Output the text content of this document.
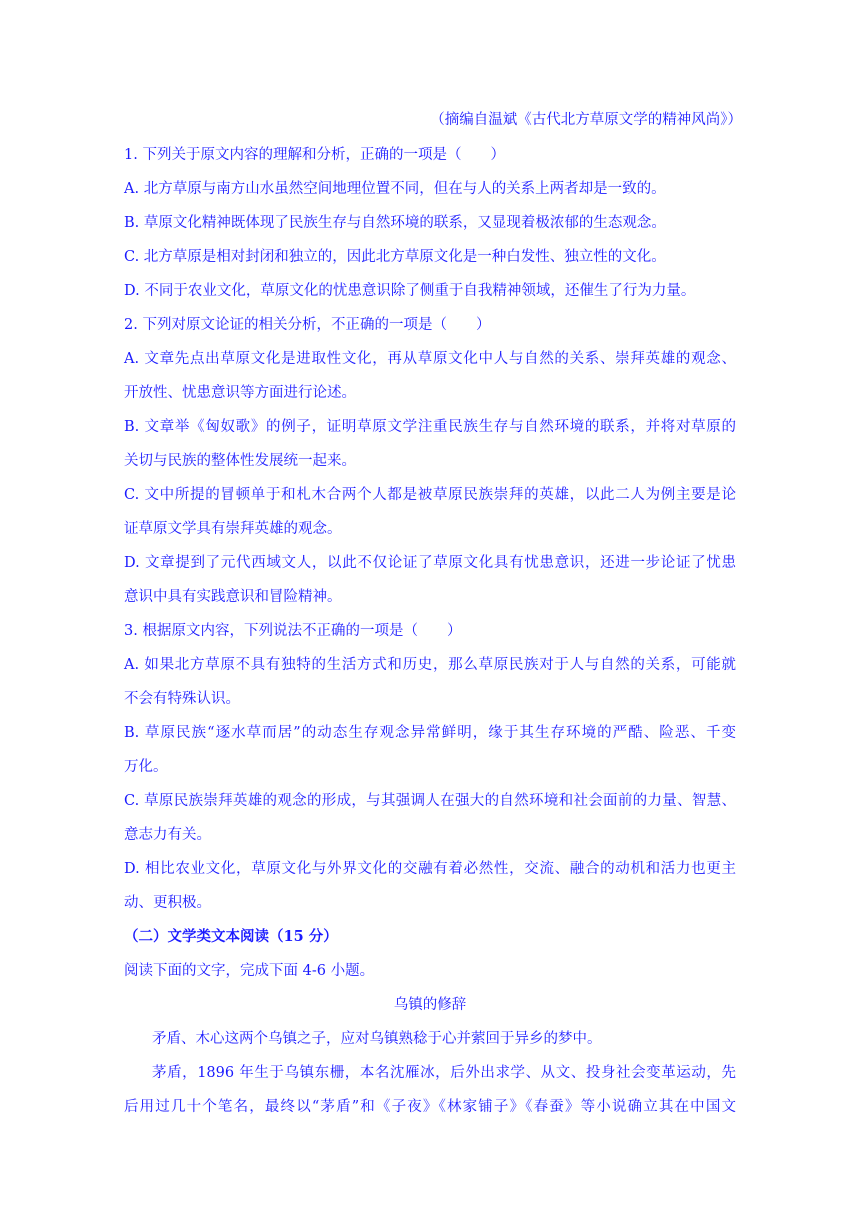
（摘编自温斌《古代北方草原文学的精神风尚》）
1. 下列关于原文内容的理解和分析，正确的一项是（　　）
A. 北方草原与南方山水虽然空间地理位置不同，但在与人的关系上两者却是一致的。
B. 草原文化精神既体现了民族生存与自然环境的联系，又显现着极浓郁的生态观念。
C. 北方草原是相对封闭和独立的，因此北方草原文化是一种白发性、独立性的文化。
D. 不同于农业文化，草原文化的忧患意识除了侧重于自我精神领域，还催生了行为力量。
2. 下列对原文论证的相关分析，不正确的一项是（　　）
A. 文章先点出草原文化是进取性文化，再从草原文化中人与自然的关系、崇拜英雄的观念、
开放性、忧患意识等方面进行论述。
B. 文章举《匈奴歌》的例子，证明草原文学注重民族生存与自然环境的联系，并将对草原的
关切与民族的整体性发展统一起来。
C. 文中所提的冒顿单于和札木合两个人都是被草原民族崇拜的英雄，以此二人为例主要是论
证草原文学具有崇拜英雄的观念。
D. 文章提到了元代西域文人，以此不仅论证了草原文化具有忧患意识，还进一步论证了忧患
意识中具有实践意识和冒险精神。
3. 根据原文内容，下列说法不正确的一项是（　　）
A. 如果北方草原不具有独特的生活方式和历史，那么草原民族对于人与自然的关系，可能就
不会有特殊认识。
B. 草原民族“逐水草而居”的动态生存观念异常鲜明，缘于其生存环境的严酷、险恶、千变
万化。
C. 草原民族崇拜英雄的观念的形成，与其强调人在强大的自然环境和社会面前的力量、智慧、
意志力有关。
D. 相比农业文化，草原文化与外界文化的交融有着必然性，交流、融合的动机和活力也更主
动、更积极。
（二）文学类文本阅读（15 分）
阅读下面的文字，完成下面 4-6 小题。
乌镇的修辞
矛盾、木心这两个乌镇之子，应对乌镇熟稔于心并萦回于异乡的梦中。
茅盾，1896 年生于乌镇东栅，本名沈雁冰，后外出求学、从文、投身社会变革运动，先
后用过几十个笔名，最终以“茅盾”和《子夜》《林家铺子》《春蚕》等小说确立其在中国文
